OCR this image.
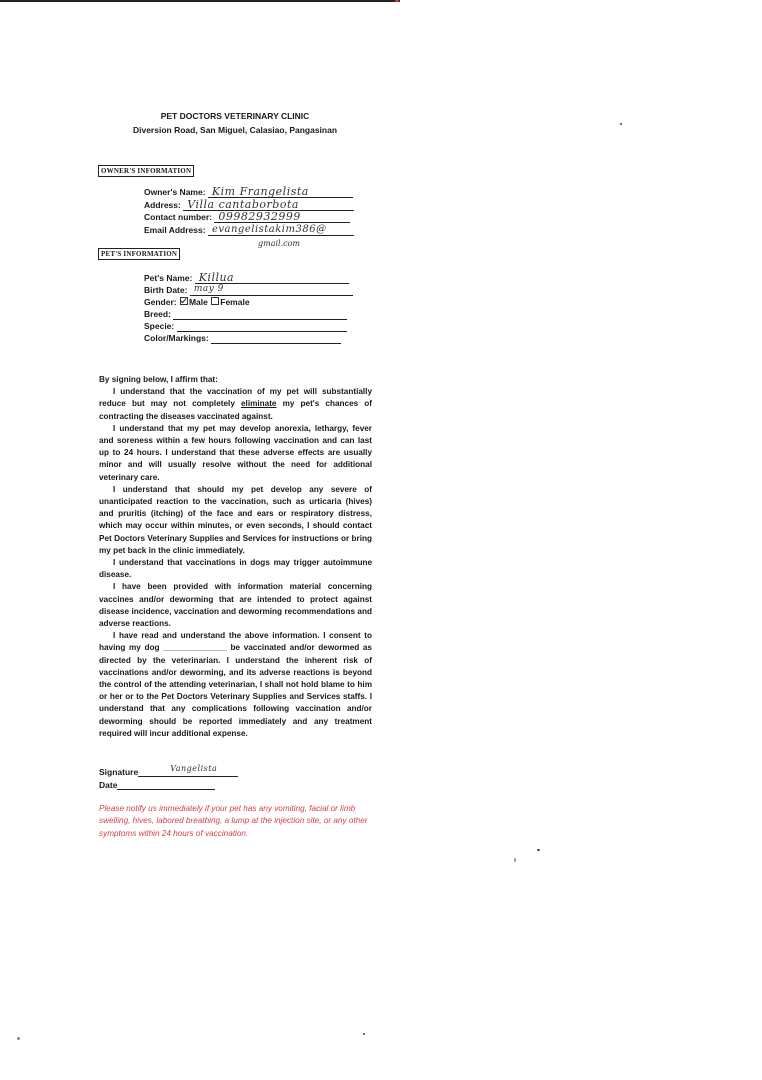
PET DOCTORS VETERINARY CLINIC
Diversion Road, San Miguel, Calasiao, Pangasinan
OWNER'S INFORMATION
Owner's Name: Kim Frangelista
Address: Villa cantaborbota
Contact number: 09982932999
Email Address: evangelistakim386@
gmail.com
PET'S INFORMATION
Pet's Name: Killua
Birth Date: may 9
Gender: Male Female
Breed:
Specie:
Color/Markings:

By signing below, I affirm that:

I understand that the vaccination of my pet will substantially reduce but may not completely eliminate my pet's chances of contracting the diseases vaccinated against.

I understand that my pet may develop anorexia, lethargy, fever and soreness within a few hours following vaccination and can last up to 24 hours. I understand that these adverse effects are usually minor and will usually resolve without the need for additional veterinary care.

I understand that should my pet develop any severe of unanticipated reaction to the vaccination, such as urticaria (hives) and pruritis (itching) of the face and ears or respiratory distress, which may occur within minutes, or even seconds, I should contact Pet Doctors Veterinary Supplies and Services for instructions or bring my pet back in the clinic immediately.

I understand that vaccinations in dogs may trigger autoimmune disease.

I have been provided with information material concerning vaccines and/or deworming that are intended to protect against disease incidence, vaccination and deworming recommendations and adverse reactions.

I have read and understand the above information. I consent to having my dog ______________ be vaccinated and/or dewormed as directed by the veterinarian. I understand the inherent risk of vaccinations and/or deworming, and its adverse reactions is beyond the control of the attending veterinarian, I shall not hold blame to him or her or to the Pet Doctors Veterinary Supplies and Services staffs. I understand that any complications following vaccination and/or deworming should be reported immediately and any treatment required will incur additional expense.

Signature	Vangelista
Date
Please notify us immediately if your pet has any vomiting, facial or limb swelling, hives, labored breathing, a lump at the injection site, or any other symptoms within 24 hours of vaccination.
